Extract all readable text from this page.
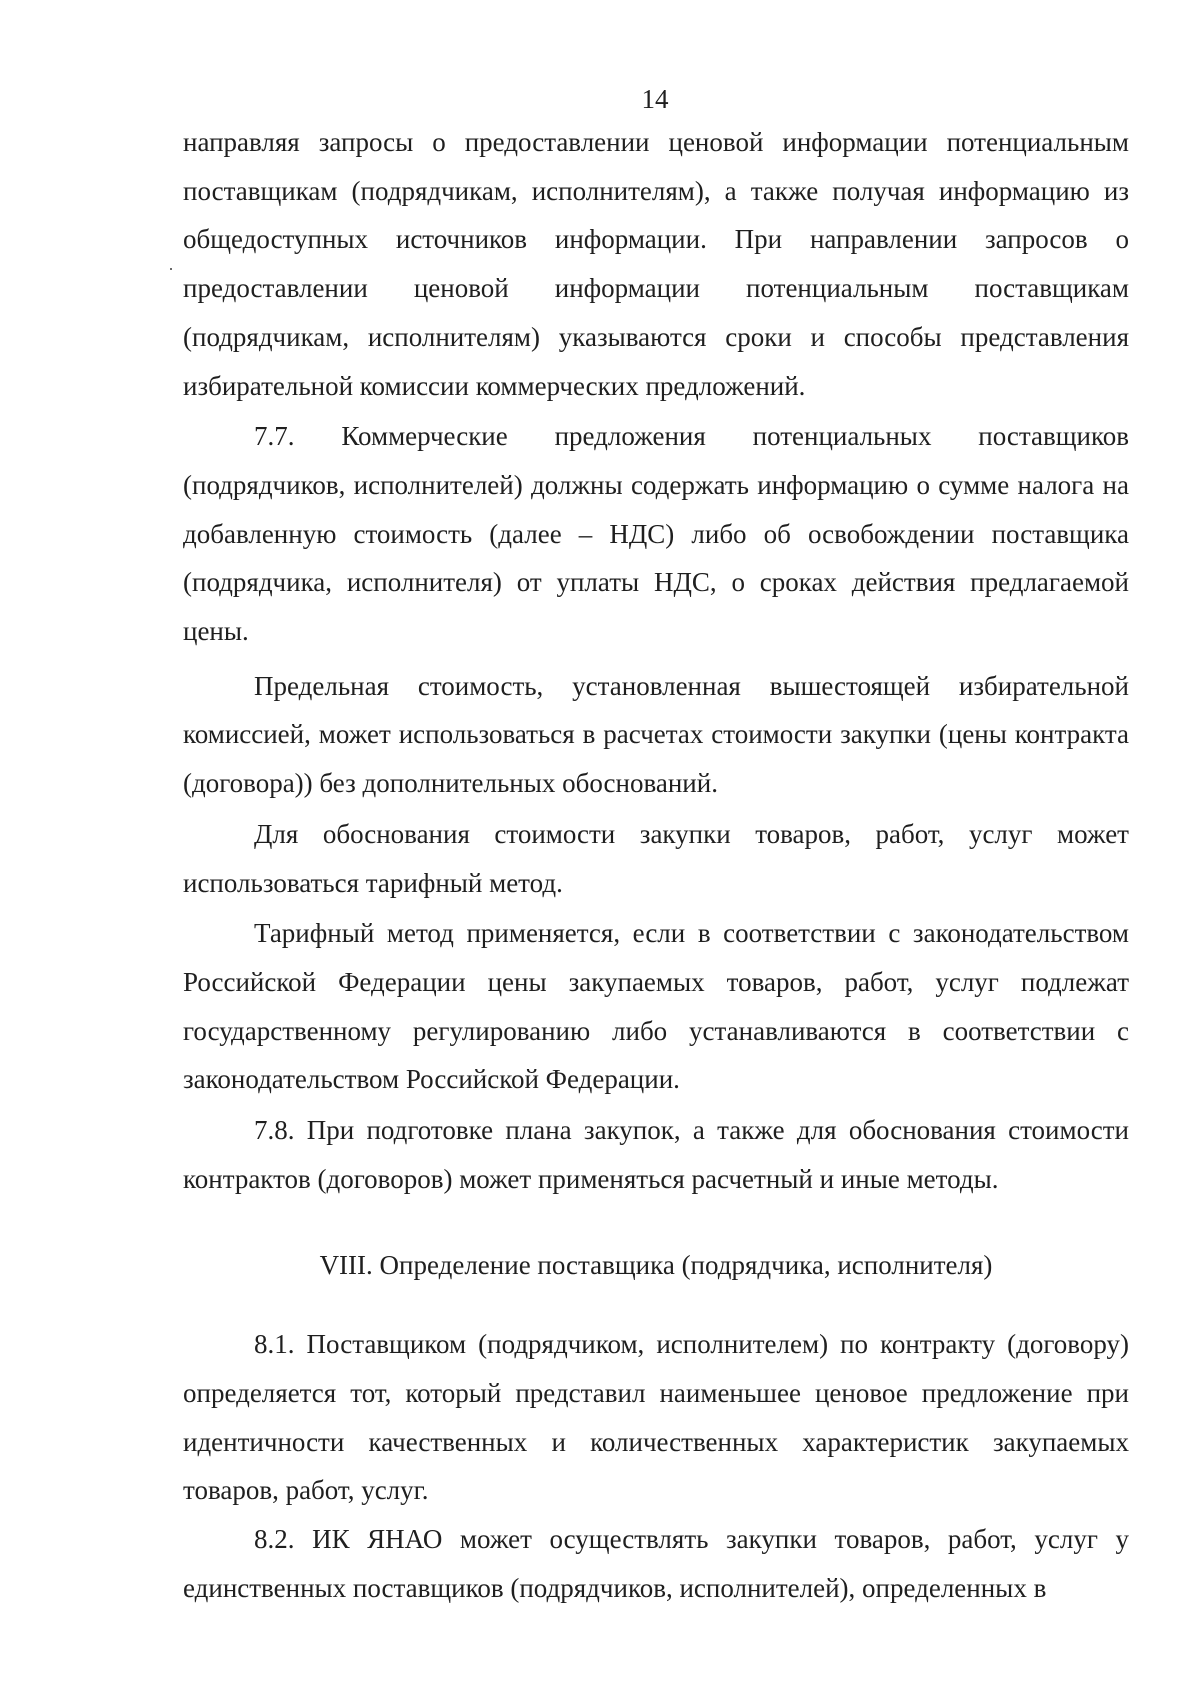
14

направляя запросы о предоставлении ценовой информации потенциальным поставщикам (подрядчикам, исполнителям), а также получая информацию из общедоступных источников информации. При направлении запросов о предоставлении ценовой информации потенциальным поставщикам (подрядчикам, исполнителям) указываются сроки и способы представления избирательной комиссии коммерческих предложений.

7.7. Коммерческие предложения потенциальных поставщиков (подрядчиков, исполнителей) должны содержать информацию о сумме налога на добавленную стоимость (далее – НДС) либо об освобождении поставщика (подрядчика, исполнителя) от уплаты НДС, о сроках действия предлагаемой цены.

Предельная стоимость, установленная вышестоящей избирательной комиссией, может использоваться в расчетах стоимости закупки (цены контракта (договора)) без дополнительных обоснований.

Для обоснования стоимости закупки товаров, работ, услуг может использоваться тарифный метод.

Тарифный метод применяется, если в соответствии с законодательством Российской Федерации цены закупаемых товаров, работ, услуг подлежат государственному регулированию либо устанавливаются в соответствии с законодательством Российской Федерации.

7.8. При подготовке плана закупок, а также для обоснования стоимости контрактов (договоров) может применяться расчетный и иные методы.

VIII. Определение поставщика (подрядчика, исполнителя)

8.1. Поставщиком (подрядчиком, исполнителем) по контракту (договору) определяется тот, который представил наименьшее ценовое предложение при идентичности качественных и количественных характеристик закупаемых товаров, работ, услуг.

8.2. ИК ЯНАО может осуществлять закупки товаров, работ, услуг у единственных поставщиков (подрядчиков, исполнителей), определенных в
